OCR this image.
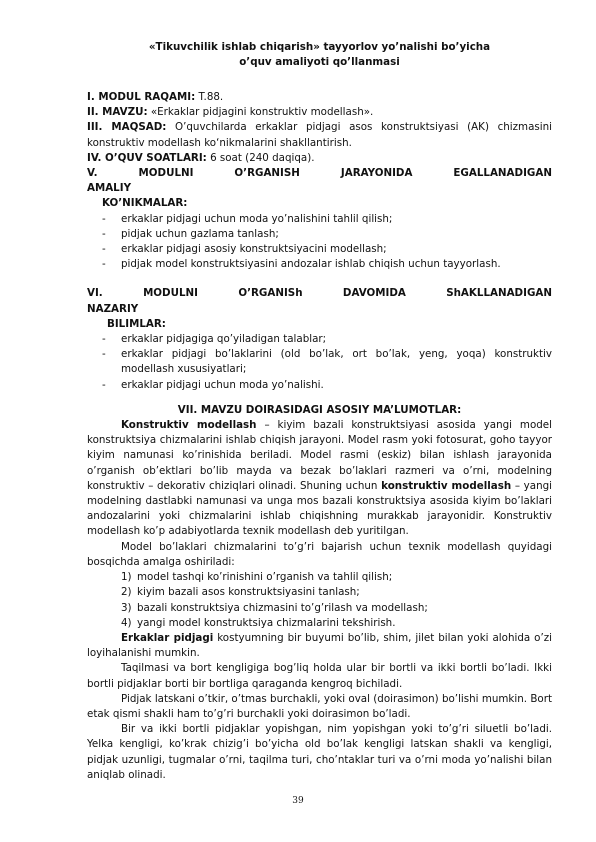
«Tikuvchilik ishlab chiqarish» tayyorlov yo’nalishi bo’yicha
o’quv amaliyoti qo’llanmasi

I. MODUL RAQAMI: T.88.

II. MAVZU: «Erkaklar pidjagini konstruktiv modellash».

III. MAQSAD: O’quvchilarda erkaklar pidjagi asos konstruktsiyasi (AK) chizmasini konstruktiv modellash ko‘nikmalarini shakllantirish.

IV. O’QUV SOATLARI: 6 soat (240 daqiqa).

V.	MODULNI	O’RGANISH	JARAYONIDA	EGALLANADIGAN

AMALIY

KO’NIKMALAR:
-	erkaklar pidjagi uchun moda yo’nalishini tahlil qilish;
-	pidjak uchun gazlama tanlash;
-	erkaklar pidjagi asosiy konstruktsiyacini modellash;
-	pidjak model konstruktsiyasini andozalar ishlab chiqish uchun tayyorlash.
VI.	MODULNI	O’RGANISh	DAVOMIDA	ShAKLLANADIGAN

NAZARIY

BILIMLAR:
-	erkaklar pidjagiga qo’yiladigan talablar;
-	erkaklar pidjagi bo’laklarini (old bo’lak, ort bo’lak, yeng, yoqa) konstruktiv modellash xususiyatlari;
-	erkaklar pidjagi uchun moda yo’nalishi.
VII. MAVZU DOIRASIDAGI ASOSIY MA’LUMOTLAR:

Konstruktiv modellash – kiyim bazali konstruktsiyasi asosida yangi model konstruktsiya chizmalarini ishlab chiqish jarayoni. Model rasm yoki fotosurat, goho tayyor kiyim namunasi ko’rinishida beriladi. Model rasmi (eskiz) bilan ishlash jarayonida o’rganish ob’ektlari bo’lib mayda va bezak bo’laklari razmeri va o’rni, modelning konstruktiv – dekorativ chiziqlari olinadi. Shuning uchun konstruktiv modellash – yangi modelning dastlabki namunasi va unga mos bazali konstruktsiya asosida kiyim bo’laklari andozalarini yoki chizmalarini ishlab chiqishning murakkab jarayonidir. Konstruktiv modellash ko’p adabiyotlarda texnik modellash deb yuritilgan.

Model bo’laklari chizmalarini to’g’ri bajarish uchun texnik modellash quyidagi bosqichda amalga oshiriladi:

1) model tashqi ko’rinishini o’rganish va tahlil qilish;
2) kiyim bazali asos konstruktsiyasini tanlash;
3) bazali konstruktsiya chizmasini to’g’rilash va modellash;
4) yangi model konstruktsiya chizmalarini tekshirish.

Erkaklar pidjagi kostyumning bir buyumi bo’lib, shim, jilet bilan yoki alohida o’zi loyihalanishi mumkin.

Taqilmasi va bort kengligiga bog’liq holda ular bir bortli va ikki bortli bo’ladi. Ikki bortli pidjaklar borti bir bortliga qaraganda kengroq bichiladi.

Pidjak latskani o’tkir, o’tmas burchakli, yoki oval (doirasimon) bo’lishi mumkin. Bort etak qismi shakli ham to’g’ri burchakli yoki doirasimon bo’ladi.

Bir va ikki bortli pidjaklar yopishgan, nim yopishgan yoki to’g’ri siluetli bo’ladi. Yelka kengligi, ko’krak chizig’i bo’yicha old bo’lak kengligi latskan shakli va kengligi, pidjak uzunligi, tugmalar o’rni, taqilma turi, cho’ntaklar turi va o’rni moda yo’nalishi bilan aniqlab olinadi.

39
